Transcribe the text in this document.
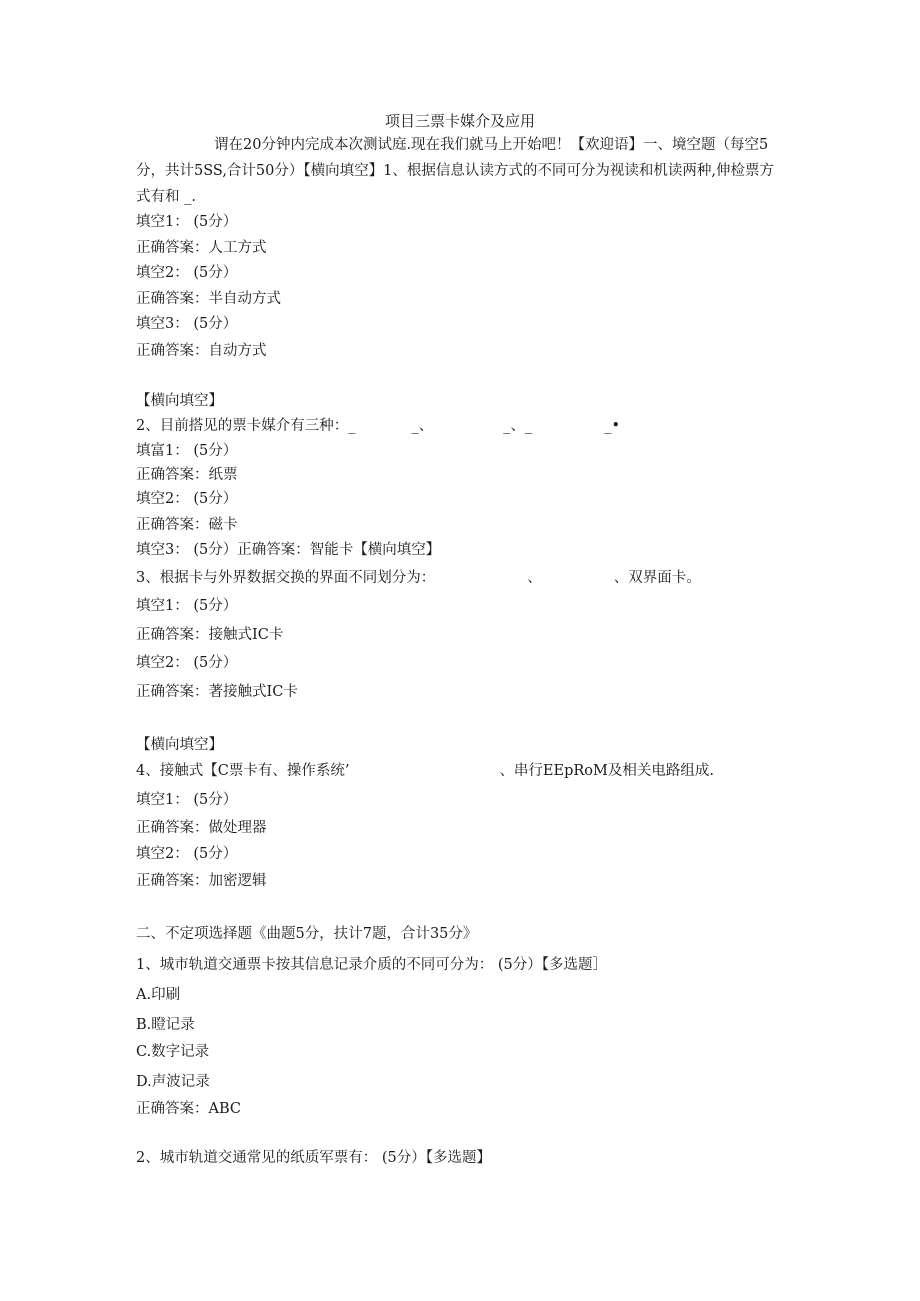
项目三票卡媒介及应用
谓在20分钟内完成本次测试庭.现在我们就马上开始吧！【欢迎语】一、境空题（每空5分，共计5SS,合计50分）【横向填空】1、根据信息认读方式的不同可分为视读和机读两种,伸检票方式有和 _.
填空1： (5分）
正确答案：人工方式
填空2： (5分）
正确答案：半自动方式
填空3： (5分）
正确答案：自动方式
【横向填空】
2、目前搭见的票卡媒介有三种：_	_、	_、_	_•
填富1： (5分）
正确答案：纸票
填空2： (5分）
正确答案：磁卡
填空3： (5分）正确答案：智能卡【横向填空】
3、根据卡与外界数据交换的界面不同划分为：	、	、双界面卡。
填空1： (5分）
正确答案：接触式IC卡
填空2： (5分）
正确答案：著接触式IC卡
【横向填空】
4、接触式【C票卡有、操作系统’	、串行EEpRoM及相关电路组成.
填空1： (5分）
正确答案：做处理器
填空2： (5分）
正确答案：加密逻辑
二、不定项选择题《曲题5分，扶计7题，合计35分》
1、城市轨道交通票卡按其信息记录介质的不同可分为： (5分）【多选题］
A.印刷
B.瞪记录
C.数字记录
D.声波记录
正确答案：ABC
2、城市轨道交通常见的纸质军票有： (5分）【多选题】
